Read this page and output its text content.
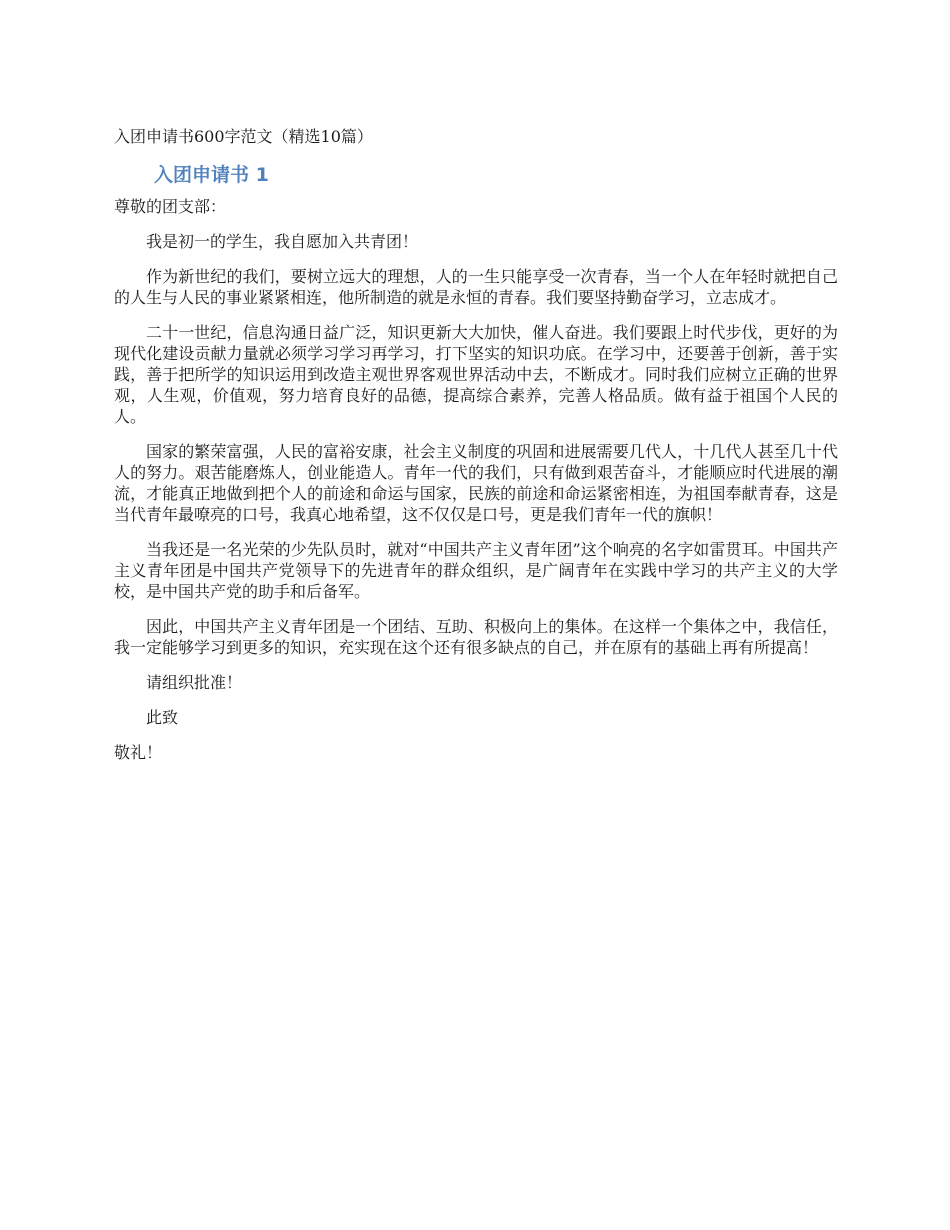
入团申请书600字范文（精选10篇）
入团申请书 1

尊敬的团支部：

我是初一的学生，我自愿加入共青团！

作为新世纪的我们，要树立远大的理想，人的一生只能享受一次青春，当一个人在年轻时就把自己的人生与人民的事业紧紧相连，他所制造的就是永恒的青春。我们要坚持勤奋学习，立志成才。

二十一世纪，信息沟通日益广泛，知识更新大大加快，催人奋进。我们要跟上时代步伐，更好的为现代化建设贡献力量就必须学习学习再学习，打下坚实的知识功底。在学习中，还要善于创新，善于实践，善于把所学的知识运用到改造主观世界客观世界活动中去，不断成才。同时我们应树立正确的世界观，人生观，价值观，努力培育良好的品德，提高综合素养，完善人格品质。做有益于祖国个人民的人。

国家的繁荣富强，人民的富裕安康，社会主义制度的巩固和进展需要几代人，十几代人甚至几十代人的努力。艰苦能磨炼人，创业能造人。青年一代的我们，只有做到艰苦奋斗，才能顺应时代进展的潮流，才能真正地做到把个人的前途和命运与国家，民族的前途和命运紧密相连，为祖国奉献青春，这是当代青年最嘹亮的口号，我真心地希望，这不仅仅是口号，更是我们青年一代的旗帜！

当我还是一名光荣的少先队员时，就对“中国共产主义青年团”这个响亮的名字如雷贯耳。中国共产主义青年团是中国共产党领导下的先进青年的群众组织，是广阔青年在实践中学习的共产主义的大学校，是中国共产党的助手和后备军。

因此，中国共产主义青年团是一个团结、互助、积极向上的集体。在这样一个集体之中，我信任，我一定能够学习到更多的知识，充实现在这个还有很多缺点的自己，并在原有的基础上再有所提高！

请组织批准！

此致

敬礼！
